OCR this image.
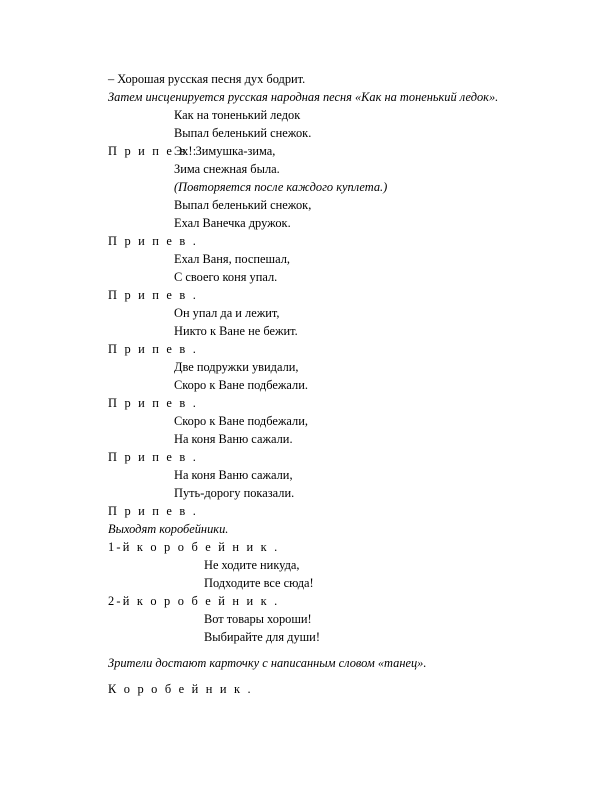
– Хорошая русская песня дух бодрит.
Затем инсценируется русская народная песня «Как на тоненький ледок».
Как на тоненький ледок
Выпал беленький снежок.
П р и п е в :
Эх! Зимушка-зима,
Зима снежная была.
(Повторяется после каждого куплета.)
Выпал беленький снежок,
Ехал Ванечка дружок.
П р и п е в .
Ехал Ваня, поспешал,
С своего коня упал.
П р и п е в .
Он упал да и лежит,
Никто к Ване не бежит.
П р и п е в .
Две подружки увидали,
Скоро к Ване подбежали.
П р и п е в .
Скоро к Ване подбежали,
На коня Ваню сажали.
П р и п е в .
На коня Ваню сажали,
Путь-дорогу показали.
П р и п е в .
Выходят коробейники.
1-й к о р о б е й н и к .
Не ходите никуда,
Подходите все сюда!
2-й к о р о б е й н и к .
Вот товары хороши!
Выбирайте для души!
Зрители достают карточку с написанным словом «танец».
К о р о б е й н и к .
